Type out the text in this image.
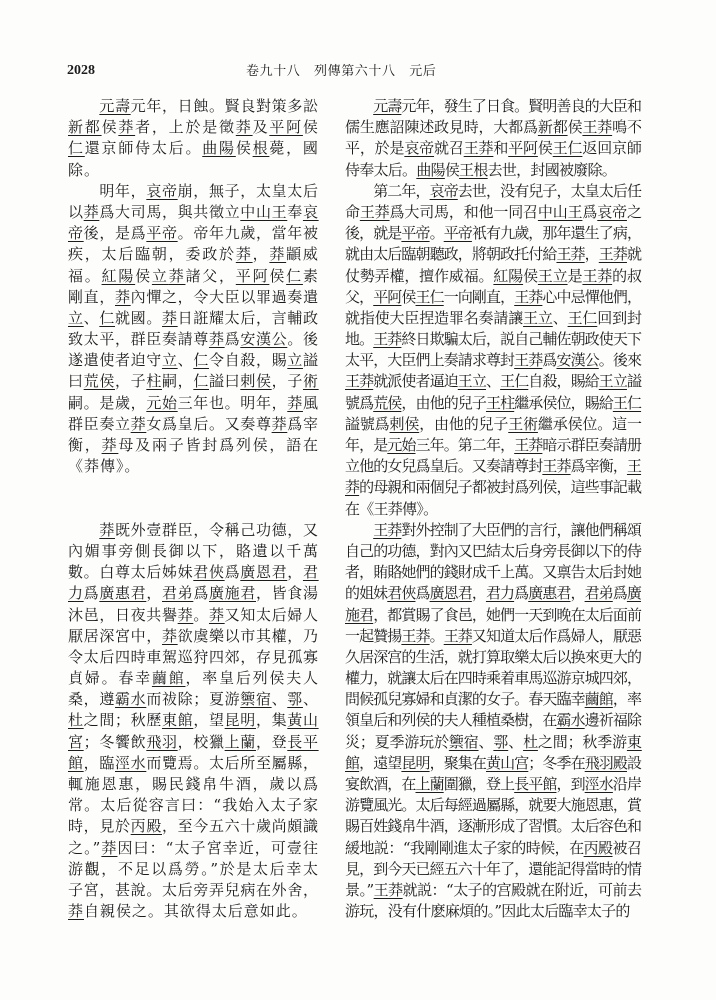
2028	卷九十八　列傳第六十八　元后
元壽元年，日蝕。賢良對策多訟
新都侯莽者，上於是徵莽及平阿侯
仁還京師侍太后。曲陽侯根薨，國
除。
明年，哀帝崩，無子，太皇太后
以莽爲大司馬，與共徵立中山王奉哀
帝後，是爲平帝。帝年九歲，當年被
疾，太后臨朝，委政於莽，莽顓威
福。紅陽侯立莽諸父，平阿侯仁素
剛直，莽內憚之，令大臣以罪過奏遣
立、仁就國。莽日誑耀太后，言輔政
致太平，群臣奏請尊莽爲安漢公。後
遂遣使者迫守立、仁令自殺，賜立謚
曰荒侯，子柱嗣，仁謚曰剌侯，子術
嗣。是歲，元始三年也。明年，莽風
群臣奏立莽女爲皇后。又奏尊莽爲宰
衡，莽母及兩子皆封爲列侯，語在
《莽傳》。
莽既外壹群臣，令稱己功德，又
內媚事旁側長御以下，賂遺以千萬
數。白尊太后姊妹君俠爲廣恩君，君
力爲廣惠君，君弟爲廣施君，皆食湯
沐邑，日夜共譽莽。莽又知太后婦人
厭居深宮中，莽欲虞樂以市其權，乃
令太后四時車駕巡狩四郊，存見孤寡
貞婦。春幸繭館，率皇后列侯夫人
桑，遵霸水而祓除；夏游籞宿、鄠、
杜之間；秋歷東館，望昆明，集黃山
宮；冬饗飲飛羽，校獵上蘭，登長平
館，臨涇水而覽焉。太后所至屬縣，
輒施恩惠，賜民錢帛牛酒，歲以爲
常。太后從容言曰：“我始入太子家
時，見於丙殿，至今五六十歲尚頗識
之。”莽因曰：“太子宮幸近，可壹往
游觀，不足以爲勞。”於是太后幸太
子宮，甚說。太后旁弄兒病在外舍，
莽自親侯之。其欲得太后意如此。
元壽元年，發生了日食。賢明善良的大臣和
儒生應詔陳述政見時，大都爲新都侯王莽鳴不
平，於是哀帝就召王莽和平阿侯王仁返回京師
侍奉太后。曲陽侯王根去世，封國被廢除。
第二年，哀帝去世，没有兒子，太皇太后任
命王莽爲大司馬，和他一同召中山王爲哀帝之
後，就是平帝。平帝衹有九歲，那年還生了病，
就由太后臨朝聽政，將朝政托付給王莽，王莽就
仗勢弄權，擅作威福。紅陽侯王立是王莽的叔
父，平阿侯王仁一向剛直，王莽心中忌憚他們，
就指使大臣捏造罪名奏請讓王立、王仁回到封
地。王莽終日欺騙太后，説自己輔佐朝政使天下
太平，大臣們上奏請求尊封王莽爲安漢公。後來
王莽就派使者逼迫王立、王仁自殺，賜給王立謚
號爲荒侯，由他的兒子王柱繼承侯位，賜給王仁
謚號爲剌侯，由他的兒子王術繼承侯位。這一
年，是元始三年。第二年，王莽暗示群臣奏請册
立他的女兒爲皇后。又奏請尊封王莽爲宰衡，王
莽的母親和兩個兒子都被封爲列侯，這些事記載
在《王莽傳》。
王莽對外控制了大臣們的言行，讓他們稱頌
自己的功德，對內又巴結太后身旁長御以下的侍
者，賄賂她們的錢財成千上萬。又禀告太后封她
的姐妹君俠爲廣恩君，君力爲廣惠君，君弟爲廣
施君，都賞賜了食邑，她們一天到晚在太后面前
一起贊揚王莽。王莽又知道太后作爲婦人，厭惡
久居深宫的生活，就打算取樂太后以换來更大的
權力，就讓太后在四時乘着車馬巡游京城四郊，
問候孤兒寡婦和貞潔的女子。春天臨幸繭館，率
領皇后和列侯的夫人種植桑樹，在霸水邊祈福除
災；夏季游玩於籞宿、鄠、杜之間；秋季游東
館，遠望昆明，聚集在黄山宫；冬季在飛羽殿設
宴飲酒，在上蘭圍獵，登上長平館，到涇水沿岸
游覽風光。太后每經過屬縣，就要大施恩惠，賞
賜百姓錢帛牛酒，逐漸形成了習慣。太后容色和
緩地説：“我剛剛進太子家的時候，在丙殿被召
見，到今天已經五六十年了，還能記得當時的情
景。”王莽就説：“太子的宫殿就在附近，可前去
游玩，没有什麽麻煩的。”因此太后臨幸太子的
